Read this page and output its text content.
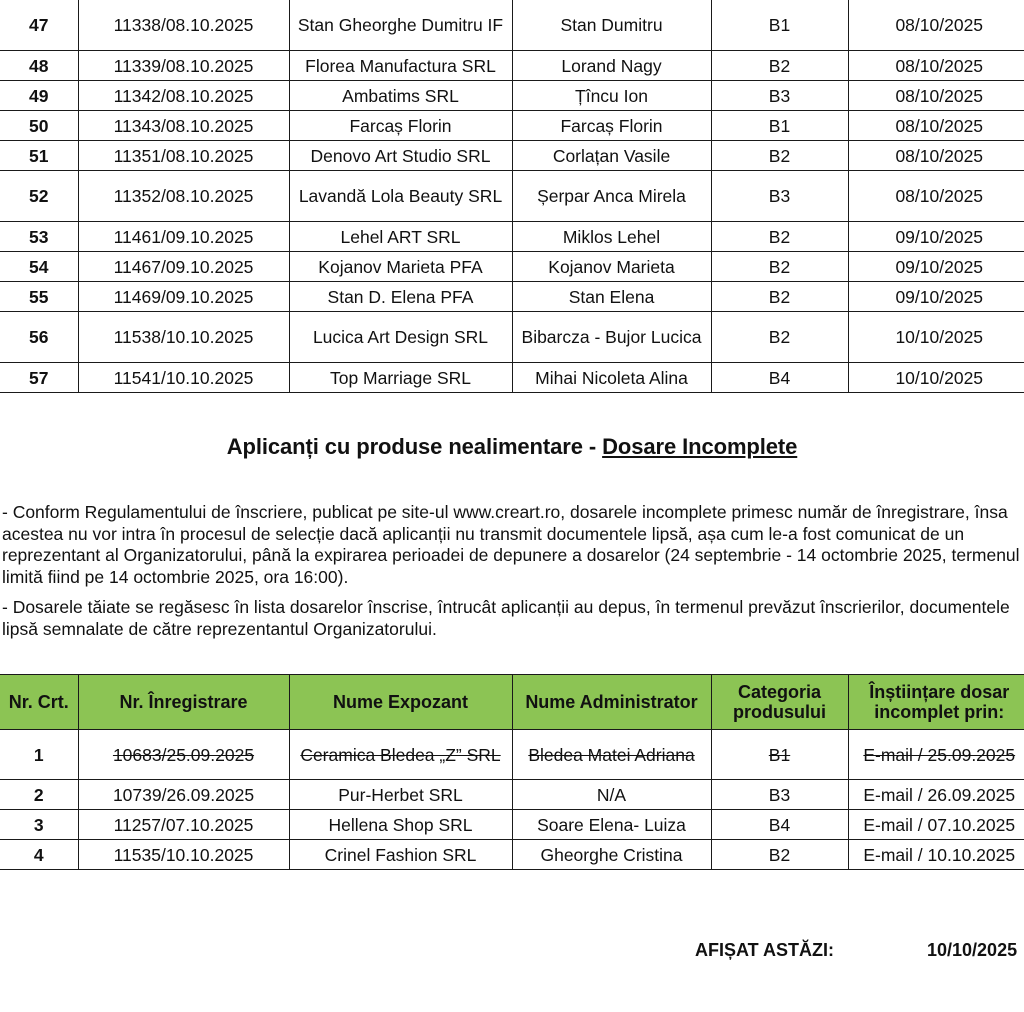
47	11338/08.10.2025	Stan Gheorghe Dumitru IF	Stan Dumitru	B1	08/10/2025
48	11339/08.10.2025	Florea Manufactura SRL	Lorand Nagy	B2	08/10/2025
49	11342/08.10.2025	Ambatims SRL	Țîncu Ion	B3	08/10/2025
50	11343/08.10.2025	Farcaș Florin	Farcaș Florin	B1	08/10/2025
51	11351/08.10.2025	Denovo Art Studio SRL	Corlațan Vasile	B2	08/10/2025
52	11352/08.10.2025	Lavandă Lola Beauty SRL	Șerpar Anca Mirela	B3	08/10/2025
53	11461/09.10.2025	Lehel ART SRL	Miklos Lehel	B2	09/10/2025
54	11467/09.10.2025	Kojanov Marieta PFA	Kojanov Marieta	B2	09/10/2025
55	11469/09.10.2025	Stan D. Elena PFA	Stan Elena	B2	09/10/2025
56	11538/10.10.2025	Lucica Art Design SRL	Bibarcza - Bujor Lucica	B2	10/10/2025
57	11541/10.10.2025	Top Marriage SRL	Mihai Nicoleta Alina	B4	10/10/2025
Aplicanți cu produse nealimentare - Dosare Incomplete
- Conform Regulamentului de înscriere, publicat pe site-ul www.creart.ro, dosarele incomplete primesc număr de înregistrare, însa acestea nu vor intra în procesul de selecție dacă aplicanții nu transmit documentele lipsă, așa cum le-a fost comunicat de un reprezentant al Organizatorului, până la expirarea perioadei de depunere a dosarelor (24 septembrie - 14 octombrie 2025, termenul limită fiind pe 14 octombrie 2025, ora 16:00).
- Dosarele tăiate se regăsesc în lista dosarelor înscrise, întrucât aplicanții au depus, în termenul prevăzut înscrierilor, documentele lipsă semnalate de către reprezentantul Organizatorului.
Nr. Crt.	Nr. Înregistrare	Nume Expozant	Nume Administrator	Categoria produsului	Înștiințare dosar incomplet prin:
1	10683/25.09.2025	Ceramica Bledea „Z” SRL	Bledea Matei Adriana	B1	E-mail / 25.09.2025
2	10739/26.09.2025	Pur-Herbet SRL	N/A	B3	E-mail / 26.09.2025
3	11257/07.10.2025	Hellena Shop SRL	Soare Elena- Luiza	B4	E-mail / 07.10.2025
4	11535/10.10.2025	Crinel Fashion SRL	Gheorghe Cristina	B2	E-mail / 10.10.2025
AFIȘAT ASTĂZI:	10/10/2025
